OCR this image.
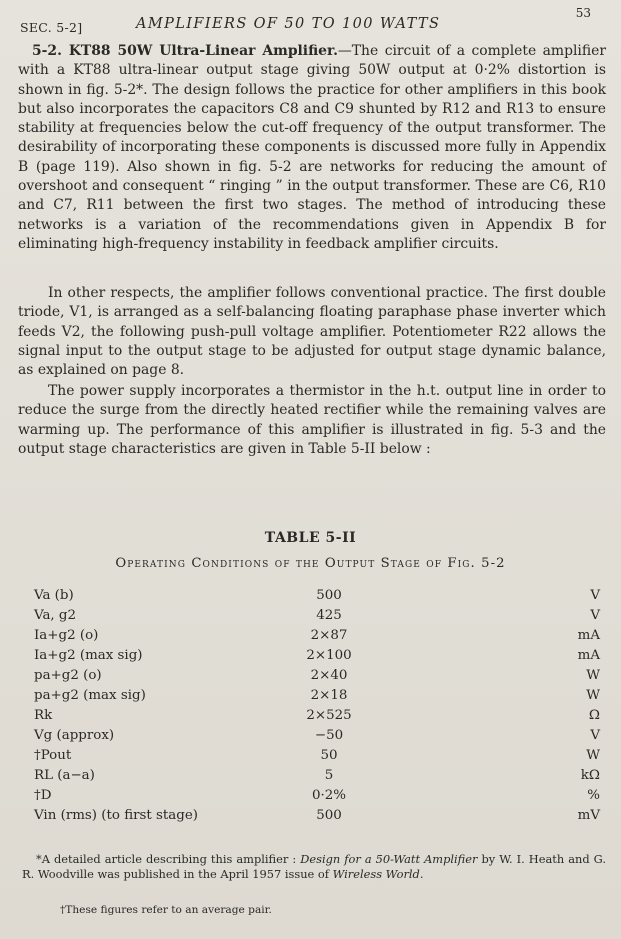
SEC. 5-2]	AMPLIFIERS OF 50 TO 100 WATTS
53

5-2. KT88 50W Ultra-Linear Amplifier.—The circuit of a complete amplifier with a KT88 ultra-linear output stage giving 50W output at 0·2% distortion is shown in fig. 5-2*. The design follows the practice for other amplifiers in this book but also incorporates the capacitors C8 and C9 shunted by R12 and R13 to ensure stability at frequencies below the cut-off frequency of the output transformer. The desirability of incorporating these components is discussed more fully in Appendix B (page 119). Also shown in fig. 5-2 are networks for reducing the amount of overshoot and consequent “ ringing ” in the output transformer. These are C6, R10 and C7, R11 between the first two stages. The method of introducing these networks is a variation of the recommendations given in Appendix B for eliminating high-frequency instability in feedback amplifier circuits.

In other respects, the amplifier follows conventional practice. The first double triode, V1, is arranged as a self-balancing floating paraphase phase inverter which feeds V2, the following push-pull voltage amplifier. Potentiometer R22 allows the signal input to the output stage to be adjusted for output stage dynamic balance, as explained on page 8.

The power supply incorporates a thermistor in the h.t. output line in order to reduce the surge from the directly heated rectifier while the remaining valves are warming up. The performance of this amplifier is illustrated in fig. 5-3 and the output stage characteristics are given in Table 5-II below :

TABLE 5-II
Operating Conditions of the Output Stage of Fig. 5-2
Va (b)	500	V
Va, g2	425	V
Ia+g2 (o)	2×87	mA
Ia+g2 (max sig)	2×100	mA
pa+g2 (o)	2×40	W
pa+g2 (max sig)	2×18	W
Rk	2×525	Ω
Vg (approx)	−50	V
†Pout	50	W
RL (a−a)	5	kΩ
†D	0·2%	%
Vin (rms) (to first stage)	500	mV

*A detailed article describing this amplifier : Design for a 50-Watt Amplifier by W. I. Heath and G. R. Woodville was published in the April 1957 issue of Wireless World.

†These figures refer to an average pair.
